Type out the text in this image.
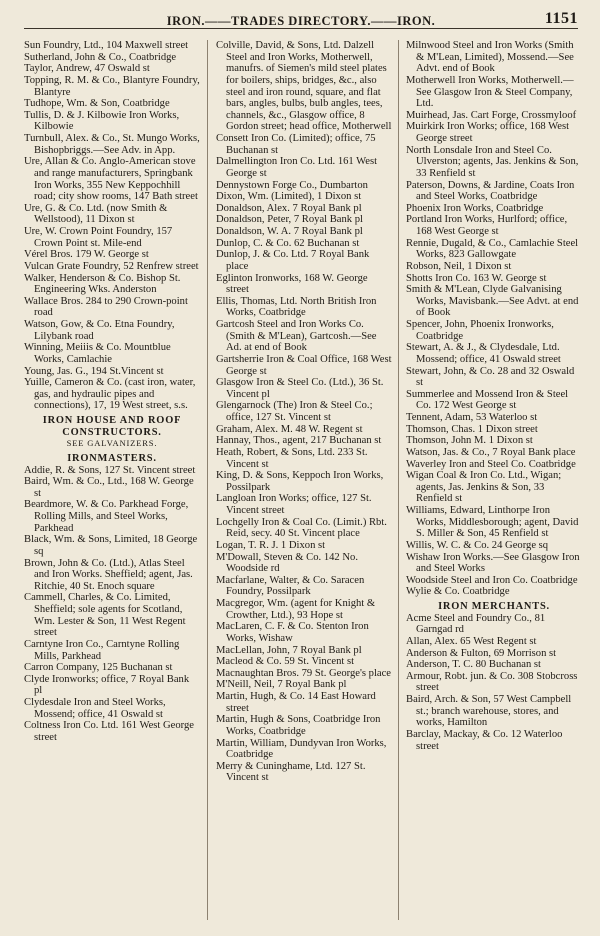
IRON.——TRADES DIRECTORY.——IRON.	1151
Sun Foundry, Ltd., 104 Maxwell street
Sutherland, John & Co., Coatbridge
Taylor, Andrew, 47 Oswald st
Topping, R. M. & Co., Blantyre Foundry, Blantyre
Tudhope, Wm. & Son, Coatbridge
Tullis, D. & J. Kilbowie Iron Works, Kilbowie
Turnbull, Alex. & Co., St. Mungo Works, Bishopbriggs.—See Adv. in App.
Ure, Allan & Co. Anglo-American stove and range manufacturers, Springbank Iron Works, 355 New Keppochhill road; city show rooms, 147 Bath street
Ure, G. & Co. Ltd. (now Smith & Wellstood), 11 Dixon st
Ure, W. Crown Point Foundry, 157 Crown Point st. Mile-end
Vérel Bros. 179 W. George st
Vulcan Grate Foundry, 52 Renfrew street
Walker, Henderson & Co. Bishop St. Engineering Wks. Anderston
Wallace Bros. 284 to 290 Crown-point road
Watson, Gow, & Co. Etna Foundry, Lilybank road
Winning, Meiiis & Co. Mountblue Works, Camlachie
Young, Jas. G., 194 St.Vincent st
Yuille, Cameron & Co. (cast iron, water, gas, and hydraulic pipes and connections), 17, 19 West street, s.s.
IRON HOUSE AND ROOF CONSTRUCTORS.
SEE GALVANIZERS.
IRONMASTERS.
Addie, R. & Sons, 127 St. Vincent street
Baird, Wm. & Co., Ltd., 168 W. George st
Beardmore, W. & Co. Parkhead Forge, Rolling Mills, and Steel Works, Parkhead
Black, Wm. & Sons, Limited, 18 George sq
Brown, John & Co. (Ltd.), Atlas Steel and Iron Works. Sheffield; agent, Jas. Ritchie, 40 St. Enoch square
Cammell, Charles, & Co. Limited, Sheffield; sole agents for Scotland, Wm. Lester & Son, 11 West Regent street
Carntyne Iron Co., Carntyne Rolling Mills, Parkhead
Carron Company, 125 Buchanan st
Clyde Ironworks; office, 7 Royal Bank pl
Clydesdale Iron and Steel Works, Mossend; office, 41 Oswald st
Coltness Iron Co. Ltd. 161 West George street
Colville, David, & Sons, Ltd. Dalzell Steel and Iron Works, Motherwell, manufrs. of Siemen's mild steel plates for boilers, ships, bridges, &c., also steel and iron round, square, and flat bars, angles, bulbs, bulb angles, tees, channels, &c., Glasgow office, 8 Gordon street; head office, Motherwell
Consett Iron Co. (Limited); office, 75 Buchanan st
Dalmellington Iron Co. Ltd. 161 West George st
Dennystown Forge Co., Dumbarton
Dixon, Wm. (Limited), 1 Dixon st
Donaldson, Alex. 7 Royal Bank pl
Donaldson, Peter, 7 Royal Bank pl
Donaldson, W. A. 7 Royal Bank pl
Dunlop, C. & Co. 62 Buchanan st
Dunlop, J. & Co. Ltd. 7 Royal Bank place
Eglinton Ironworks, 168 W. George street
Ellis, Thomas, Ltd. North British Iron Works, Coatbridge
Gartcosh Steel and Iron Works Co. (Smith & M'Lean), Gartcosh.—See Ad. at end of Book
Gartsherrie Iron & Coal Office, 168 West George st
Glasgow Iron & Steel Co. (Ltd.), 36 St. Vincent pl
Glengarnock (The) Iron & Steel Co.; office, 127 St. Vincent st
Graham, Alex. M. 48 W. Regent st
Hannay, Thos., agent, 217 Buchanan st
Heath, Robert, & Sons, Ltd. 233 St. Vincent st
King, D. & Sons, Keppoch Iron Works, Possilpark
Langloan Iron Works; office, 127 St. Vincent street
Lochgelly Iron & Coal Co. (Limit.) Rbt. Reid, secy. 40 St. Vincent place
Logan, T. R. J. 1 Dixon st
M'Dowall, Steven & Co. 142 No. Woodside rd
Macfarlane, Walter, & Co. Saracen Foundry, Possilpark
Macgregor, Wm. (agent for Knight & Crowther, Ltd.), 93 Hope st
MacLaren, C. F. & Co. Stenton Iron Works, Wishaw
MacLellan, John, 7 Royal Bank pl
Macleod & Co. 59 St. Vincent st
Macnaughtan Bros. 79 St. George's place
M'Neill, Neil, 7 Royal Bank pl
Martin, Hugh, & Co. 14 East Howard street
Martin, Hugh & Sons, Coatbridge Iron Works, Coatbridge
Martin, William, Dundyvan Iron Works, Coatbridge
Merry & Cuninghame, Ltd. 127 St. Vincent st
Milnwood Steel and Iron Works (Smith & M'Lean, Limited), Mossend.—See Advt. end of Book
Motherwell Iron Works, Motherwell.—See Glasgow Iron & Steel Company, Ltd.
Muirhead, Jas. Cart Forge, Crossmyloof
Muirkirk Iron Works; office, 168 West George street
North Lonsdale Iron and Steel Co. Ulverston; agents, Jas. Jenkins & Son, 33 Renfield st
Paterson, Downs, & Jardine, Coats Iron and Steel Works, Coatbridge
Phoenix Iron Works, Coatbridge
Portland Iron Works, Hurlford; office, 168 West George st
Rennie, Dugald, & Co., Camlachie Steel Works, 823 Gallowgate
Robson, Neil, 1 Dixon st
Shotts Iron Co. 163 W. George st
Smith & M'Lean, Clyde Galvanising Works, Mavisbank.—See Advt. at end of Book
Spencer, John, Phoenix Ironworks, Coatbridge
Stewart, A. & J., & Clydesdale, Ltd. Mossend; office, 41 Oswald street
Stewart, John, & Co. 28 and 32 Oswald st
Summerlee and Mossend Iron & Steel Co. 172 West George st
Tennent, Adam, 53 Waterloo st
Thomson, Chas. 1 Dixon street
Thomson, John M. 1 Dixon st
Watson, Jas. & Co., 7 Royal Bank place
Waverley Iron and Steel Co. Coatbridge
Wigan Coal & Iron Co. Ltd., Wigan; agents, Jas. Jenkins & Son, 33 Renfield st
Williams, Edward, Linthorpe Iron Works, Middlesborough; agent, David S. Miller & Son, 45 Renfield st
Willis, W. C. & Co. 24 George sq
Wishaw Iron Works.—See Glasgow Iron and Steel Works
Woodside Steel and Iron Co. Coatbridge
Wylie & Co. Coatbridge
IRON MERCHANTS.
Acme Steel and Foundry Co., 81 Garngad rd
Allan, Alex. 65 West Regent st
Anderson & Fulton, 69 Morrison st
Anderson, T. C. 80 Buchanan st
Armour, Robt. jun. & Co. 308 Stobcross street
Baird, Arch. & Son, 57 West Campbell st.; branch warehouse, stores, and works, Hamilton
Barclay, Mackay, & Co. 12 Waterloo street
